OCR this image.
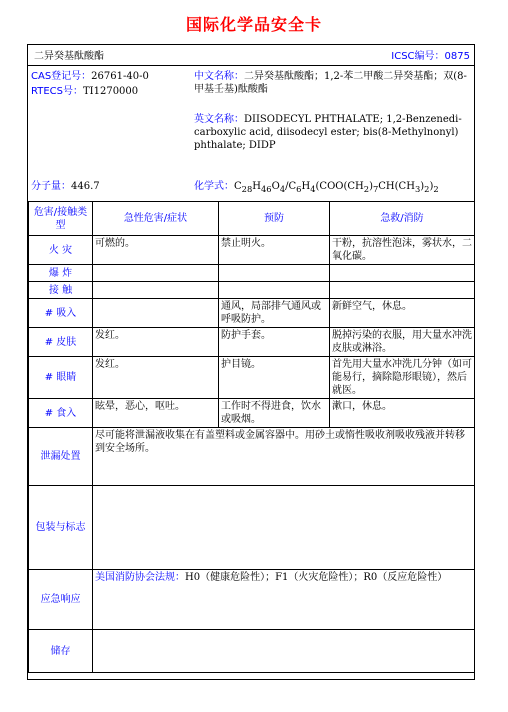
国际化学品安全卡
二异癸基酞酸酯	ICSC编号：0875
CAS登记号：26761-40-0
RTECS号：TI1270000
中文名称：二异癸基酞酸酯；1,2-苯二甲酸二异癸基酯；双(8-甲基壬基)酞酸酯
英文名称：DIISODECYL PHTHALATE; 1,2-Benzenedi-carboxylic acid, diisodecyl ester; bis(8-Methylnonyl) phthalate; DIDP
分子量：446.7	化学式：$C_{28}H_{46}O_4/C_6H_4(COO(CH_2)_7CH(CH_3)_2)_2$
危害/接触类型	急性危害/症状	预防	急救/消防
火 灾	可燃的。	禁止明火。	干粉，抗溶性泡沫，雾状水，二氧化碳。
爆 炸			
接 触			
# 吸入		通风，局部排气通风或呼吸防护。	新鲜空气，休息。
# 皮肤	发红。	防护手套。	脱掉污染的衣服，用大量水冲洗皮肤或淋浴。
# 眼睛	发红。	护目镜。	首先用大量水冲洗几分钟（如可能易行，摘除隐形眼镜），然后就医。
# 食入	眩晕，恶心，呕吐。	工作时不得进食，饮水或吸烟。	漱口，休息。
泄漏处置	尽可能将泄漏液收集在有盖塑料或金属容器中。用砂土或惰性吸收剂吸收残液并转移到安全场所。		
包装与标志			
应急响应	美国消防协会法规：H0（健康危险性）；F1（火灾危险性）；R0（反应危险性）		
储存			
